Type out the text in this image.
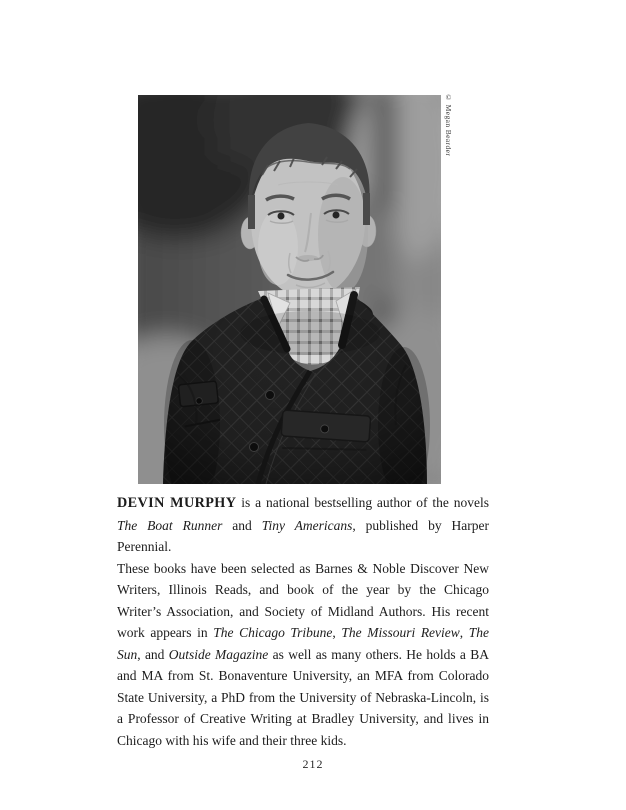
© Megan Bearder
DEVIN MURPHY is a national bestselling author of the novels
The Boat Runner and Tiny Americans, published by Harper Perennial.
These books have been selected as Barnes & Noble Discover New
Writers, Illinois Reads, and book of the year by the Chicago
Writer’s Association, and Society of Midland Authors. His recent
work appears in The Chicago Tribune, The Missouri Review, The
Sun, and Outside Magazine as well as many others. He holds a BA
and MA from St. Bonaventure University, an MFA from Colorado
State University, a PhD from the University of Nebraska-Lincoln, is
a Professor of Creative Writing at Bradley University, and lives in
Chicago with his wife and their three kids.
212
